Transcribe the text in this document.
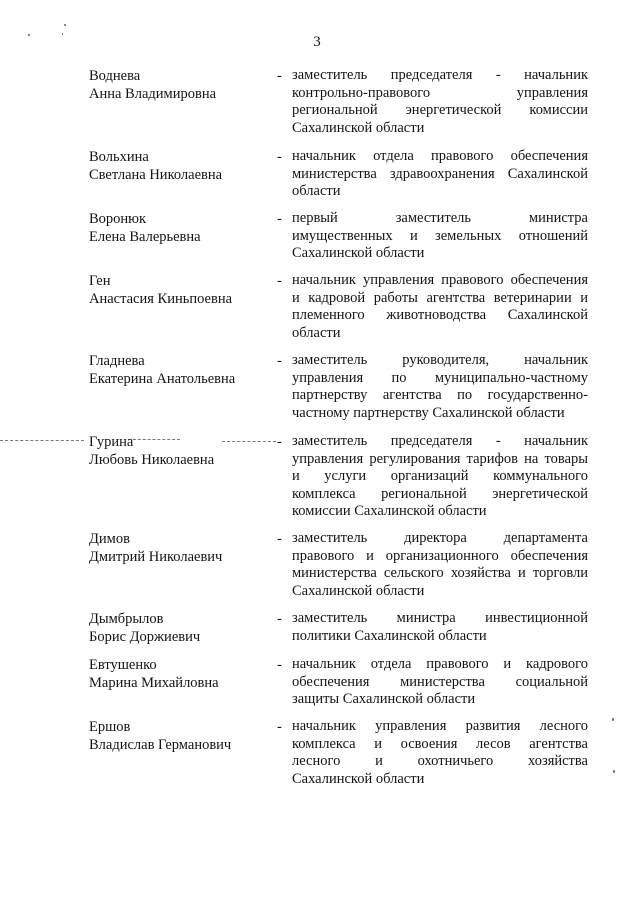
3
Воднева
Анна Владимировна
- заместитель председателя - начальник
контрольно-правового управления
региональной энергетической комиссии
Сахалинской области
Вольхина
Светлана Николаевна
- начальник отдела правового обеспечения
министерства здравоохранения Сахалинской
области
Воронюк
Елена Валерьевна
- первый заместитель министра
имущественных и земельных отношений
Сахалинской области
Ген
Анастасия Киньпоевна
- начальник управления правового обеспечения
и кадровой работы агентства ветеринарии и
племенного животноводства Сахалинской
области
Гладнева
Екатерина Анатольевна
- заместитель руководителя, начальник
управления по муниципально-частному
партнерству агентства по государственно-
частному партнерству Сахалинской области
Гурина
Любовь Николаевна
- заместитель председателя - начальник
управления регулирования тарифов на товары
и услуги организаций коммунального
комплекса региональной энергетической
комиссии Сахалинской области
Димов
Дмитрий Николаевич
- заместитель директора департамента
правового и организационного обеспечения
министерства сельского хозяйства и торговли
Сахалинской области
Дымбрылов
Борис Доржиевич
- заместитель министра инвестиционной
политики Сахалинской области
Евтушенко
Марина Михайловна
- начальник отдела правового и кадрового
обеспечения министерства социальной
защиты Сахалинской области
Ершов
Владислав Германович
- начальник управления развития лесного
комплекса и освоения лесов агентства
лесного и охотничьего хозяйства
Сахалинской области
